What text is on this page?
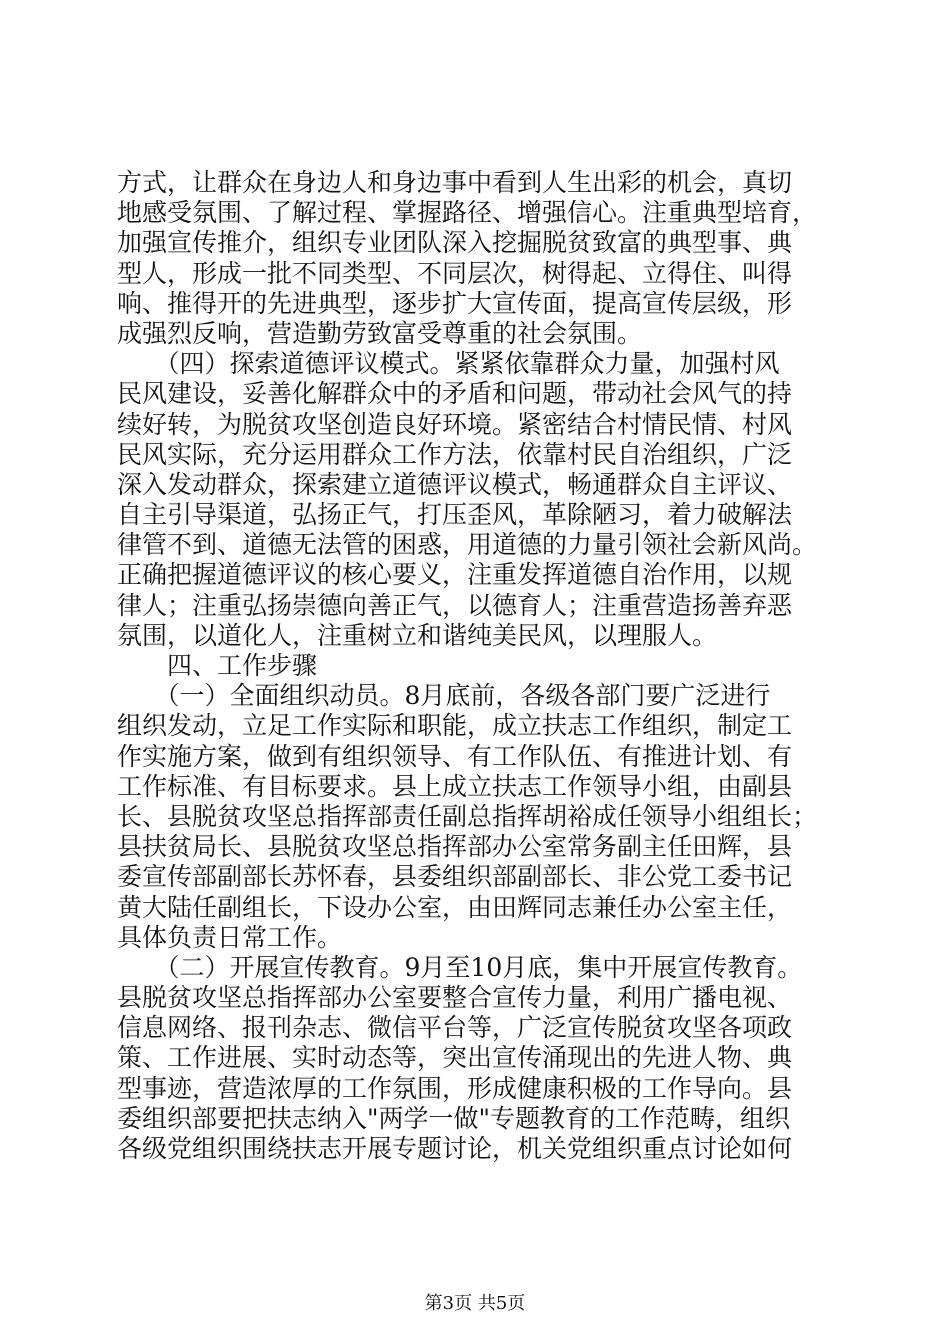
方式，让群众在身边人和身边事中看到人生出彩的机会，真切
地感受氛围、了解过程、掌握路径、增强信心。注重典型培育，
加强宣传推介，组织专业团队深入挖掘脱贫致富的典型事、典
型人，形成一批不同类型、不同层次，树得起、立得住、叫得
响、推得开的先进典型，逐步扩大宣传面，提高宣传层级，形
成强烈反响，营造勤劳致富受尊重的社会氛围。
　　（四）探索道德评议模式。紧紧依靠群众力量，加强村风
民风建设，妥善化解群众中的矛盾和问题，带动社会风气的持
续好转，为脱贫攻坚创造良好环境。紧密结合村情民情、村风
民风实际，充分运用群众工作方法，依靠村民自治组织，广泛
深入发动群众，探索建立道德评议模式，畅通群众自主评议、
自主引导渠道，弘扬正气，打压歪风，革除陋习，着力破解法
律管不到、道德无法管的困惑，用道德的力量引领社会新风尚。
正确把握道德评议的核心要义，注重发挥道德自治作用，以规
律人；注重弘扬崇德向善正气，以德育人；注重营造扬善弃恶
氛围，以道化人，注重树立和谐纯美民风，以理服人。
　　四、工作步骤
　　（一）全面组织动员。8月底前，各级各部门要广泛进行
组织发动，立足工作实际和职能，成立扶志工作组织，制定工
作实施方案，做到有组织领导、有工作队伍、有推进计划、有
工作标准、有目标要求。县上成立扶志工作领导小组，由副县
长、县脱贫攻坚总指挥部责任副总指挥胡裕成任领导小组组长；
县扶贫局长、县脱贫攻坚总指挥部办公室常务副主任田辉，县
委宣传部副部长苏怀春，县委组织部副部长、非公党工委书记
黄大陆任副组长，下设办公室，由田辉同志兼任办公室主任，
具体负责日常工作。
　　（二）开展宣传教育。9月至10月底，集中开展宣传教育。
县脱贫攻坚总指挥部办公室要整合宣传力量，利用广播电视、
信息网络、报刊杂志、微信平台等，广泛宣传脱贫攻坚各项政
策、工作进展、实时动态等，突出宣传涌现出的先进人物、典
型事迹，营造浓厚的工作氛围，形成健康积极的工作导向。县
委组织部要把扶志纳入"两学一做"专题教育的工作范畴，组织
各级党组织围绕扶志开展专题讨论，机关党组织重点讨论如何
第3页 共5页
